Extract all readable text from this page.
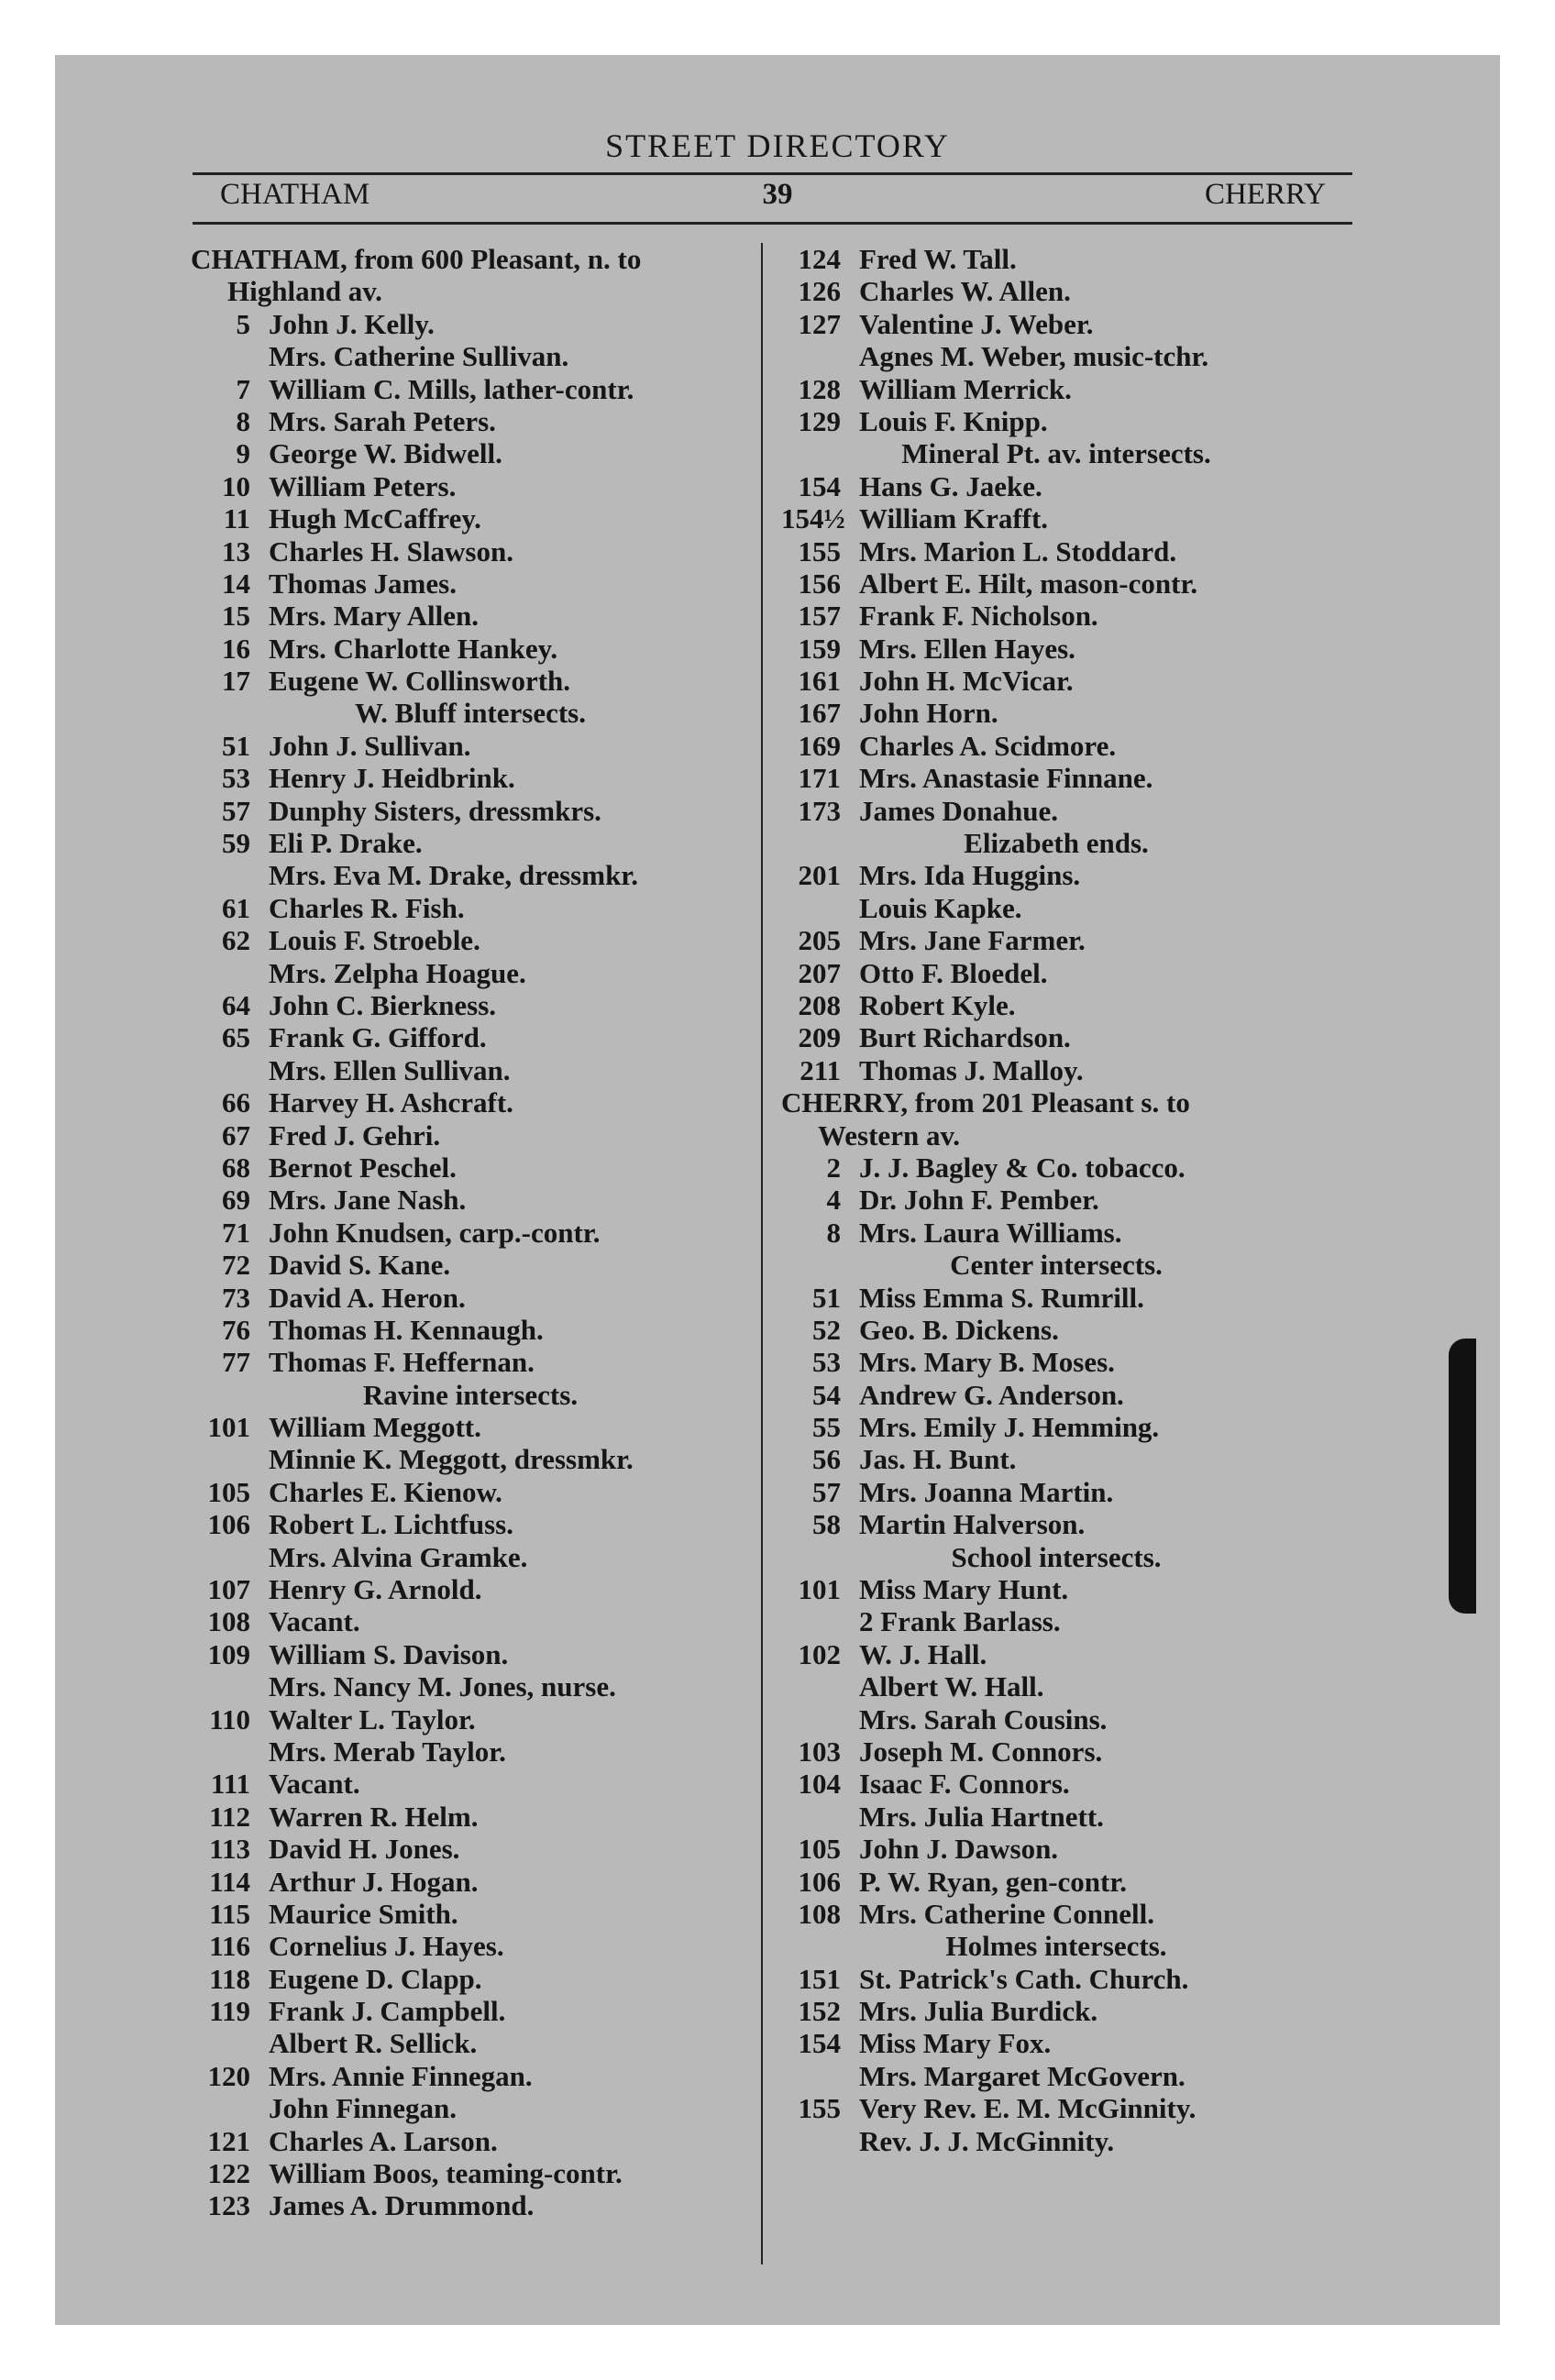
STREET DIRECTORY
CHATHAM	39	CHERRY
CHATHAM, from 600 Pleasant, n. to
Highland av.
5 John J. Kelly.
Mrs. Catherine Sullivan.
7 William C. Mills, lather-contr.
8 Mrs. Sarah Peters.
9 George W. Bidwell.
10 William Peters.
11 Hugh McCaffrey.
13 Charles H. Slawson.
14 Thomas James.
15 Mrs. Mary Allen.
16 Mrs. Charlotte Hankey.
17 Eugene W. Collinsworth.
W. Bluff intersects.
51 John J. Sullivan.
53 Henry J. Heidbrink.
57 Dunphy Sisters, dressmkrs.
59 Eli P. Drake.
Mrs. Eva M. Drake, dressmkr.
61 Charles R. Fish.
62 Louis F. Stroeble.
Mrs. Zelpha Hoague.
64 John C. Bierkness.
65 Frank G. Gifford.
Mrs. Ellen Sullivan.
66 Harvey H. Ashcraft.
67 Fred J. Gehri.
68 Bernot Peschel.
69 Mrs. Jane Nash.
71 John Knudsen, carp.-contr.
72 David S. Kane.
73 David A. Heron.
76 Thomas H. Kennaugh.
77 Thomas F. Heffernan.
Ravine intersects.
101 William Meggott.
Minnie K. Meggott, dressmkr.
105 Charles E. Kienow.
106 Robert L. Lichtfuss.
Mrs. Alvina Gramke.
107 Henry G. Arnold.
108 Vacant.
109 William S. Davison.
Mrs. Nancy M. Jones, nurse.
110 Walter L. Taylor.
Mrs. Merab Taylor.
111 Vacant.
112 Warren R. Helm.
113 David H. Jones.
114 Arthur J. Hogan.
115 Maurice Smith.
116 Cornelius J. Hayes.
118 Eugene D. Clapp.
119 Frank J. Campbell.
Albert R. Sellick.
120 Mrs. Annie Finnegan.
John Finnegan.
121 Charles A. Larson.
122 William Boos, teaming-contr.
123 James A. Drummond.
124 Fred W. Tall.
126 Charles W. Allen.
127 Valentine J. Weber.
Agnes M. Weber, music-tchr.
128 William Merrick.
129 Louis F. Knipp.
Mineral Pt. av. intersects.
154 Hans G. Jaeke.
154½ William Krafft.
155 Mrs. Marion L. Stoddard.
156 Albert E. Hilt, mason-contr.
157 Frank F. Nicholson.
159 Mrs. Ellen Hayes.
161 John H. McVicar.
167 John Horn.
169 Charles A. Scidmore.
171 Mrs. Anastasie Finnane.
173 James Donahue.
Elizabeth ends.
201 Mrs. Ida Huggins.
Louis Kapke.
205 Mrs. Jane Farmer.
207 Otto F. Bloedel.
208 Robert Kyle.
209 Burt Richardson.
211 Thomas J. Malloy.
CHERRY, from 201 Pleasant s. to
Western av.
2 J. J. Bagley & Co. tobacco.
4 Dr. John F. Pember.
8 Mrs. Laura Williams.
Center intersects.
51 Miss Emma S. Rumrill.
52 Geo. B. Dickens.
53 Mrs. Mary B. Moses.
54 Andrew G. Anderson.
55 Mrs. Emily J. Hemming.
56 Jas. H. Bunt.
57 Mrs. Joanna Martin.
58 Martin Halverson.
School intersects.
101 Miss Mary Hunt.
2 Frank Barlass.
102 W. J. Hall.
Albert W. Hall.
Mrs. Sarah Cousins.
103 Joseph M. Connors.
104 Isaac F. Connors.
Mrs. Julia Hartnett.
105 John J. Dawson.
106 P. W. Ryan, gen-contr.
108 Mrs. Catherine Connell.
Holmes intersects.
151 St. Patrick's Cath. Church.
152 Mrs. Julia Burdick.
154 Miss Mary Fox.
Mrs. Margaret McGovern.
155 Very Rev. E. M. McGinnity.
Rev. J. J. McGinnity.
